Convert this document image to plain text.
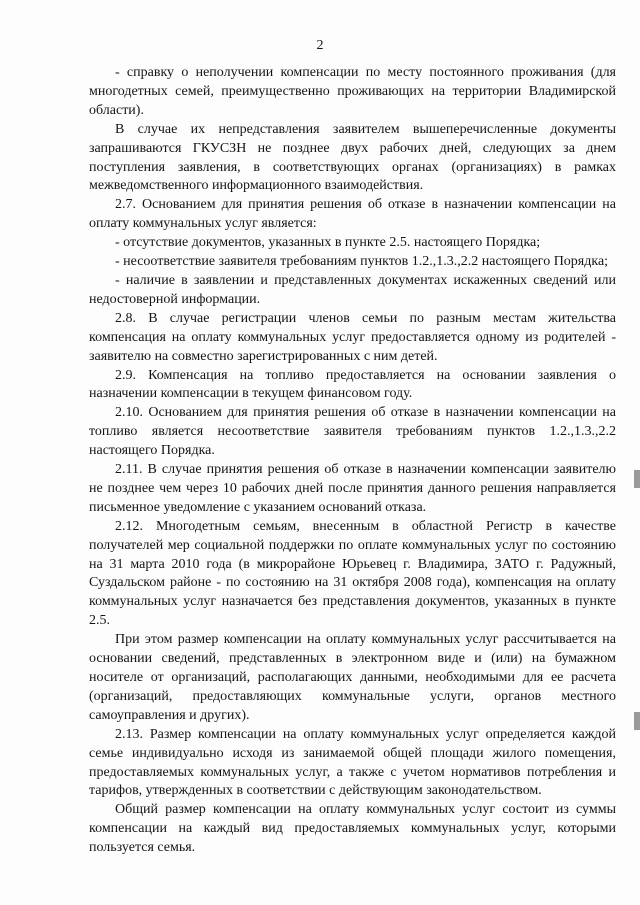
2

- справку о неполучении компенсации по месту постоянного проживания (для многодетных семей, преимущественно проживающих на территории Владимирской области).

В случае их непредставления заявителем вышеперечисленные документы запрашиваются ГКУСЗН не позднее двух рабочих дней, следующих за днем поступления заявления, в соответствующих органах (организациях) в рамках межведомственного информационного взаимодействия.

2.7. Основанием для принятия решения об отказе в назначении компенсации на оплату коммунальных услуг является:

- отсутствие документов, указанных в пункте 2.5. настоящего Порядка;

- несоответствие заявителя требованиям пунктов 1.2.,1.3.,2.2 настоящего Порядка;

- наличие в заявлении и представленных документах искаженных сведений или недостоверной информации.

2.8. В случае регистрации членов семьи по разным местам жительства компенсация на оплату коммунальных услуг предоставляется одному из родителей - заявителю на совместно зарегистрированных с ним детей.

2.9. Компенсация на топливо предоставляется на основании заявления о назначении компенсации в текущем финансовом году.

2.10. Основанием для принятия решения об отказе в назначении компенсации на топливо является несоответствие заявителя требованиям пунктов 1.2.,1.3.,2.2 настоящего Порядка.

2.11. В случае принятия решения об отказе в назначении компенсации заявителю не позднее чем через 10 рабочих дней после принятия данного решения направляется письменное уведомление с указанием оснований отказа.

2.12. Многодетным семьям, внесенным в областной Регистр в качестве получателей мер социальной поддержки по оплате коммунальных услуг по состоянию на 31 марта 2010 года (в микрорайоне Юрьевец г. Владимира, ЗАТО г. Радужный, Суздальском районе - по состоянию на 31 октября 2008 года), компенсация на оплату коммунальных услуг назначается без представления документов, указанных в пункте 2.5.

При этом размер компенсации на оплату коммунальных услуг рассчитывается на основании сведений, представленных в электронном виде и (или) на бумажном носителе от организаций, располагающих данными, необходимыми для ее расчета (организаций, предоставляющих коммунальные услуги, органов местного самоуправления и других).

2.13. Размер компенсации на оплату коммунальных услуг определяется каждой семье индивидуально исходя из занимаемой общей площади жилого помещения, предоставляемых коммунальных услуг, а также с учетом нормативов потребления и тарифов, утвержденных в соответствии с действующим законодательством.

Общий размер компенсации на оплату коммунальных услуг состоит из суммы компенсации на каждый вид предоставляемых коммунальных услуг, которыми пользуется семья.
